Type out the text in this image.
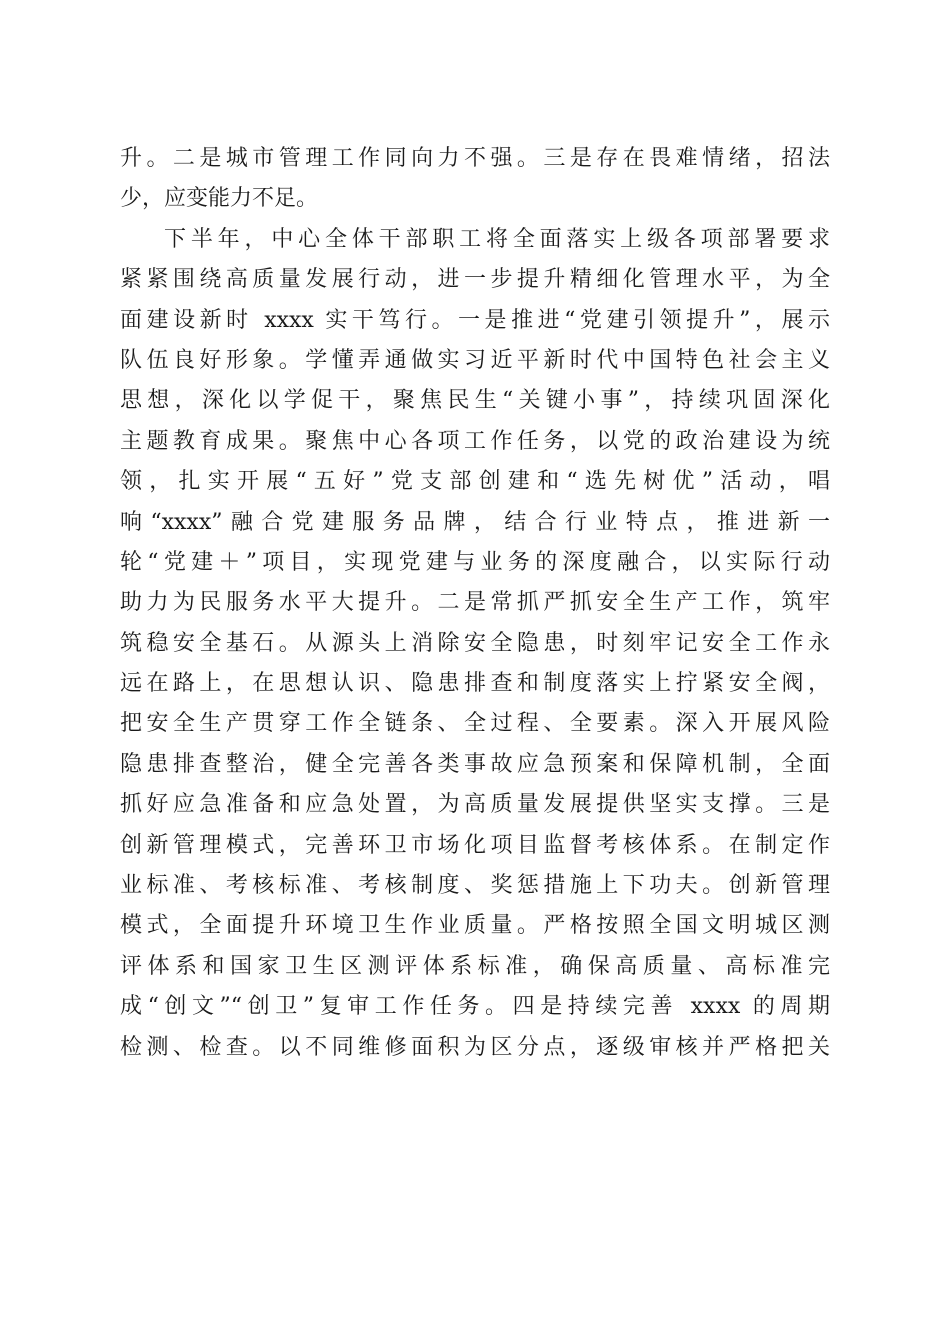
升。二是城市管理工作同向力不强。三是存在畏难情绪，招法
少，应变能力不足。
下半年，中心全体干部职工将全面落实上级各项部署要求
紧紧围绕高质量发展行动，进一步提升精细化管理水平，为全
面建设新时 xxxx 实干笃行。一是推进“党建引领提升”，展示
队伍良好形象。学懂弄通做实习近平新时代中国特色社会主义
思想，深化以学促干，聚焦民生“关键小事”，持续巩固深化
主题教育成果。聚焦中心各项工作任务，以党的政治建设为统
领，扎实开展“五好”党支部创建和“选先树优”活动，唱
响“xxxx”融合党建服务品牌，结合行业特点，推进新一
轮“党建＋”项目，实现党建与业务的深度融合，以实际行动
助力为民服务水平大提升。二是常抓严抓安全生产工作，筑牢
筑稳安全基石。从源头上消除安全隐患，时刻牢记安全工作永
远在路上，在思想认识、隐患排查和制度落实上拧紧安全阀，
把安全生产贯穿工作全链条、全过程、全要素。深入开展风险
隐患排查整治，健全完善各类事故应急预案和保障机制，全面
抓好应急准备和应急处置，为高质量发展提供坚实支撑。三是
创新管理模式，完善环卫市场化项目监督考核体系。在制定作
业标准、考核标准、考核制度、奖惩措施上下功夫。创新管理
模式，全面提升环境卫生作业质量。严格按照全国文明城区测
评体系和国家卫生区测评体系标准，确保高质量、高标准完
成“创文”“创卫”复审工作任务。四是持续完善 xxxx 的周期
检测、检查。以不同维修面积为区分点，逐级审核并严格把关
